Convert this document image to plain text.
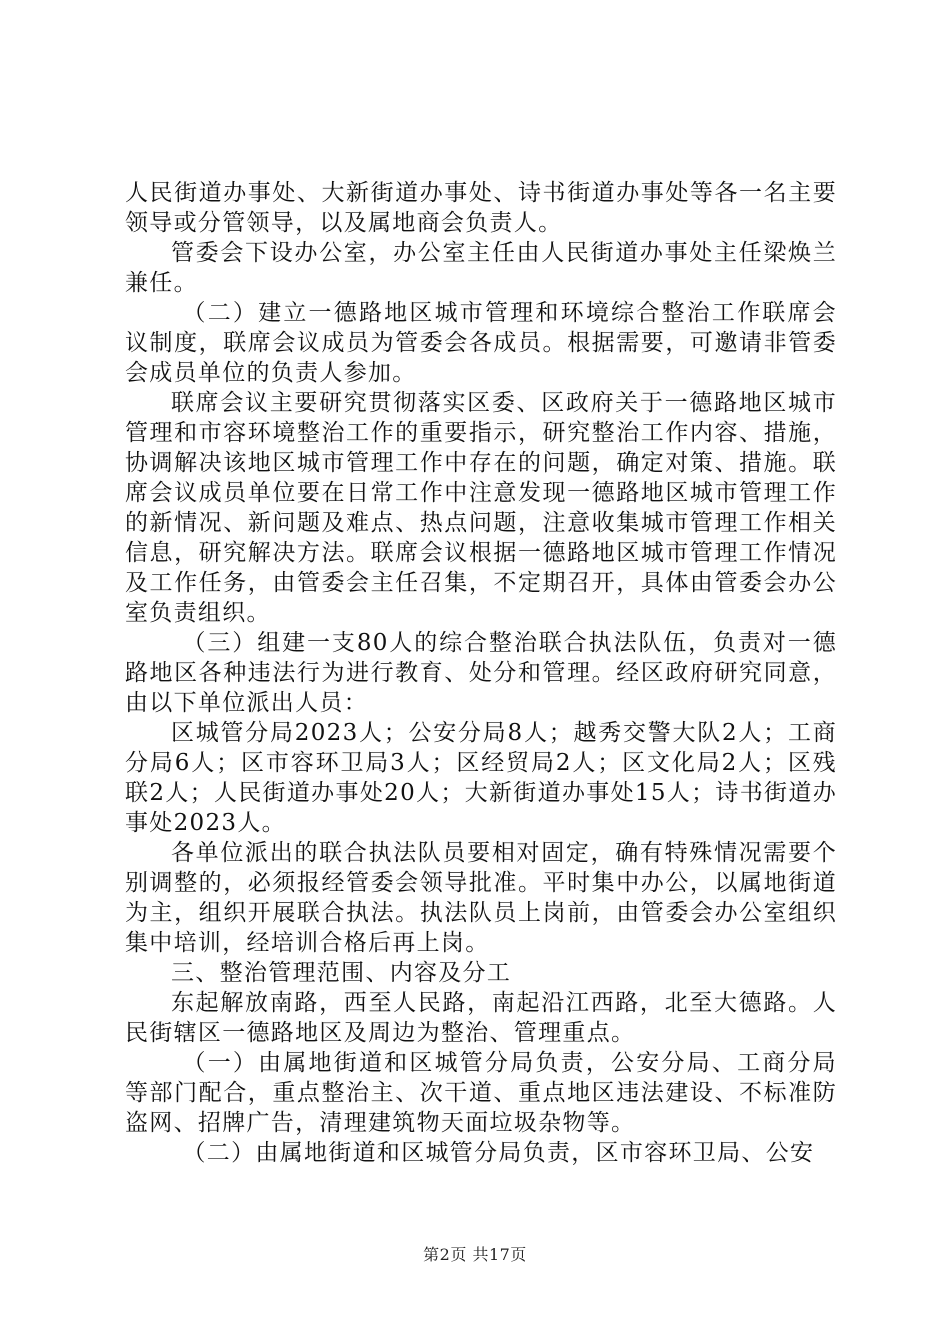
人民街道办事处、大新街道办事处、诗书街道办事处等各一名主要领导或分管领导，以及属地商会负责人。

管委会下设办公室，办公室主任由人民街道办事处主任梁焕兰兼任。

（二）建立一德路地区城市管理和环境综合整治工作联席会议制度，联席会议成员为管委会各成员。根据需要，可邀请非管委会成员单位的负责人参加。

联席会议主要研究贯彻落实区委、区政府关于一德路地区城市管理和市容环境整治工作的重要指示，研究整治工作内容、措施，协调解决该地区城市管理工作中存在的问题，确定对策、措施。联席会议成员单位要在日常工作中注意发现一德路地区城市管理工作的新情况、新问题及难点、热点问题，注意收集城市管理工作相关信息，研究解决方法。联席会议根据一德路地区城市管理工作情况及工作任务，由管委会主任召集，不定期召开，具体由管委会办公室负责组织。

（三）组建一支80人的综合整治联合执法队伍，负责对一德路地区各种违法行为进行教育、处分和管理。经区政府研究同意，由以下单位派出人员：

区城管分局2023人；公安分局8人；越秀交警大队2人；工商分局6人；区市容环卫局3人；区经贸局2人；区文化局2人；区残联2人；人民街道办事处20人；大新街道办事处15人；诗书街道办事处2023人。

各单位派出的联合执法队员要相对固定，确有特殊情况需要个别调整的，必须报经管委会领导批准。平时集中办公，以属地街道为主，组织开展联合执法。执法队员上岗前，由管委会办公室组织集中培训，经培训合格后再上岗。

三、整治管理范围、内容及分工

东起解放南路，西至人民路，南起沿江西路，北至大德路。人民街辖区一德路地区及周边为整治、管理重点。

（一）由属地街道和区城管分局负责，公安分局、工商分局等部门配合，重点整治主、次干道、重点地区违法建设、不标准防盗网、招牌广告，清理建筑物天面垃圾杂物等。

（二）由属地街道和区城管分局负责，区市容环卫局、公安

第2页 共17页
